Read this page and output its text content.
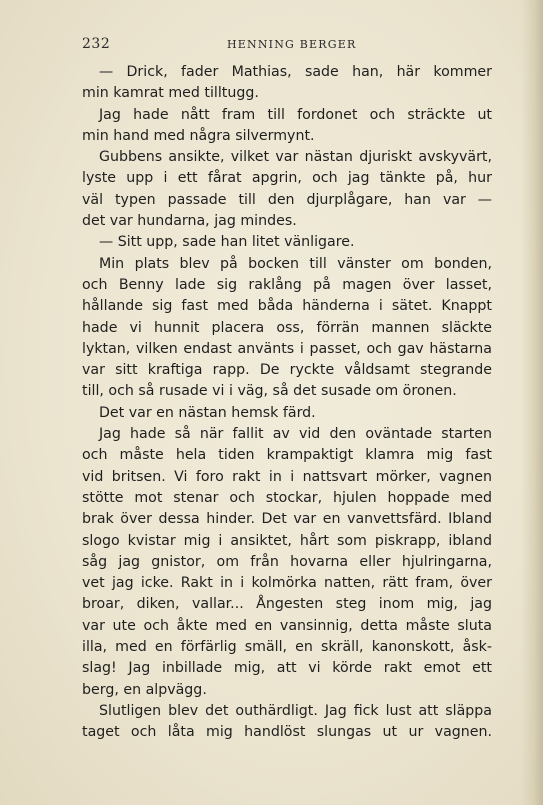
232	HENNING BERGER
— Drick, fader Mathias, sade han, här kommer
min kamrat med tilltugg.
Jag hade nått fram till fordonet och sträckte ut
min hand med några silvermynt.
Gubbens ansikte, vilket var nästan djuriskt avskyvärt,
lyste upp i ett fårat apgrin, och jag tänkte på, hur
väl typen passade till den djurplågare, han var —
det var hundarna, jag mindes.
— Sitt upp, sade han litet vänligare.
Min plats blev på bocken till vänster om bonden,
och Benny lade sig raklång på magen över lasset,
hållande sig fast med båda händerna i sätet. Knappt
hade vi hunnit placera oss, förrän mannen släckte
lyktan, vilken endast använts i passet, och gav hästarna
var sitt kraftiga rapp. De ryckte våldsamt stegrande
till, och så rusade vi i väg, så det susade om öronen.
Det var en nästan hemsk färd.
Jag hade så när fallit av vid den oväntade starten
och måste hela tiden krampaktigt klamra mig fast
vid britsen. Vi foro rakt in i nattsvart mörker, vagnen
stötte mot stenar och stockar, hjulen hoppade med
brak över dessa hinder. Det var en vanvettsfärd. Ibland
slogo kvistar mig i ansiktet, hårt som piskrapp, ibland
såg jag gnistor, om från hovarna eller hjulringarna,
vet jag icke. Rakt in i kolmörka natten, rätt fram, över
broar, diken, vallar... Ångesten steg inom mig, jag
var ute och åkte med en vansinnig, detta måste sluta
illa, med en förfärlig smäll, en skräll, kanonskott, åsk-
slag! Jag inbillade mig, att vi körde rakt emot ett
berg, en alpvägg.
Slutligen blev det outhärdligt. Jag fick lust att släppa
taget och låta mig handlöst slungas ut ur vagnen.
